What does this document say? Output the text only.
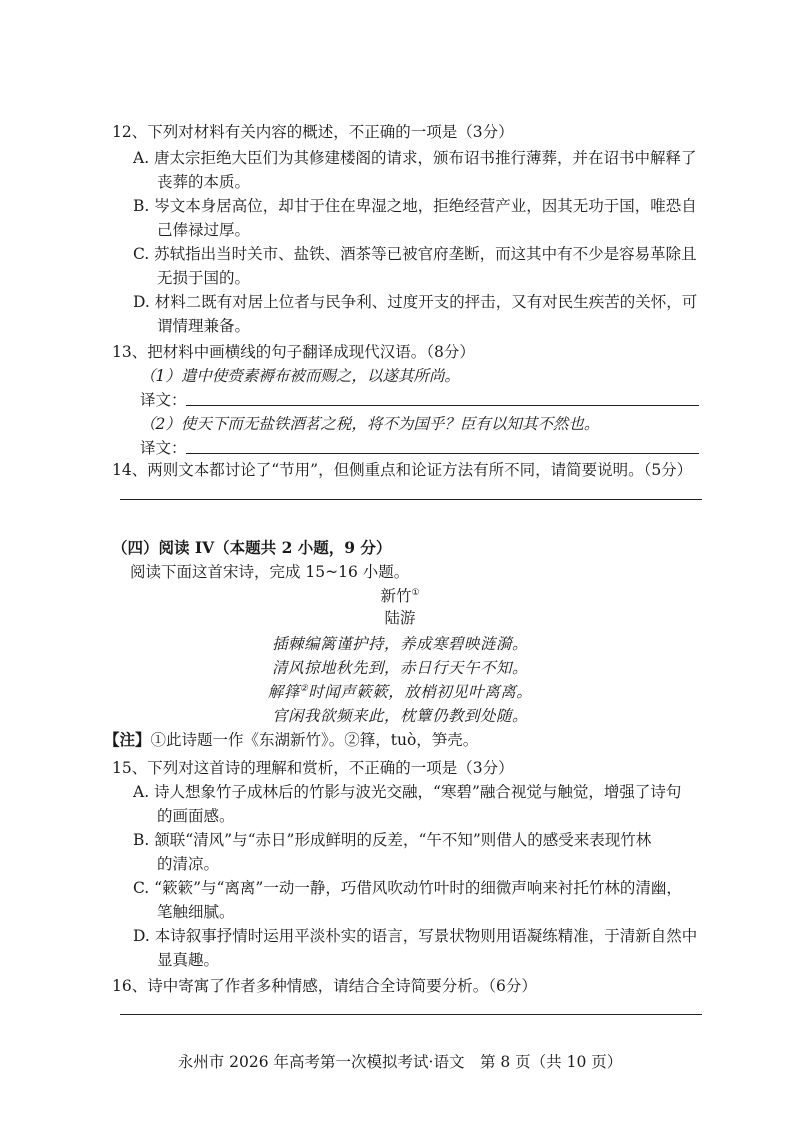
12、下列对材料有关内容的概述，不正确的一项是（3分）
A. 唐太宗拒绝大臣们为其修建楼阁的请求，颁布诏书推行薄葬，并在诏书中解释了
丧葬的本质。
B. 岑文本身居高位，却甘于住在卑湿之地，拒绝经营产业，因其无功于国，唯恐自
己俸禄过厚。
C. 苏轼指出当时关市、盐铁、酒茶等已被官府垄断，而这其中有不少是容易革除且
无损于国的。
D. 材料二既有对居上位者与民争利、过度开支的抨击，又有对民生疾苦的关怀，可
谓情理兼备。
13、把材料中画横线的句子翻译成现代汉语。（8分）
（1）遣中使赍素褥布被而赐之，以遂其所尚。
译文：
（2）使天下而无盐铁酒茗之税，将不为国乎？臣有以知其不然也。
译文：
14、两则文本都讨论了“节用”，但侧重点和论证方法有所不同，请简要说明。（5分）
（四）阅读 IV（本题共 2 小题，9 分）
阅读下面这首宋诗，完成 15~16 小题。
新竹①
陆游
插棘编篱谨护持，养成寒碧映涟漪。
清风掠地秋先到，赤日行天午不知。
解箨②时闻声簌簌，放梢初见叶离离。
官闲我欲频来此，枕簟仍教到处随。
【注】①此诗题一作《东湖新竹》。②箨，tuò，笋壳。
15、下列对这首诗的理解和赏析，不正确的一项是（3分）
A. 诗人想象竹子成林后的竹影与波光交融，“寒碧”融合视觉与触觉，增强了诗句
的画面感。
B. 颔联“清风”与“赤日”形成鲜明的反差，“午不知”则借人的感受来表现竹林
的清凉。
C. “簌簌”与“离离”一动一静，巧借风吹动竹叶时的细微声响来衬托竹林的清幽，
笔触细腻。
D. 本诗叙事抒情时运用平淡朴实的语言，写景状物则用语凝练精准，于清新自然中
显真趣。
16、诗中寄寓了作者多种情感，请结合全诗简要分析。（6分）
永州市 2026 年高考第一次模拟考试·语文　第 8 页（共 10 页）
